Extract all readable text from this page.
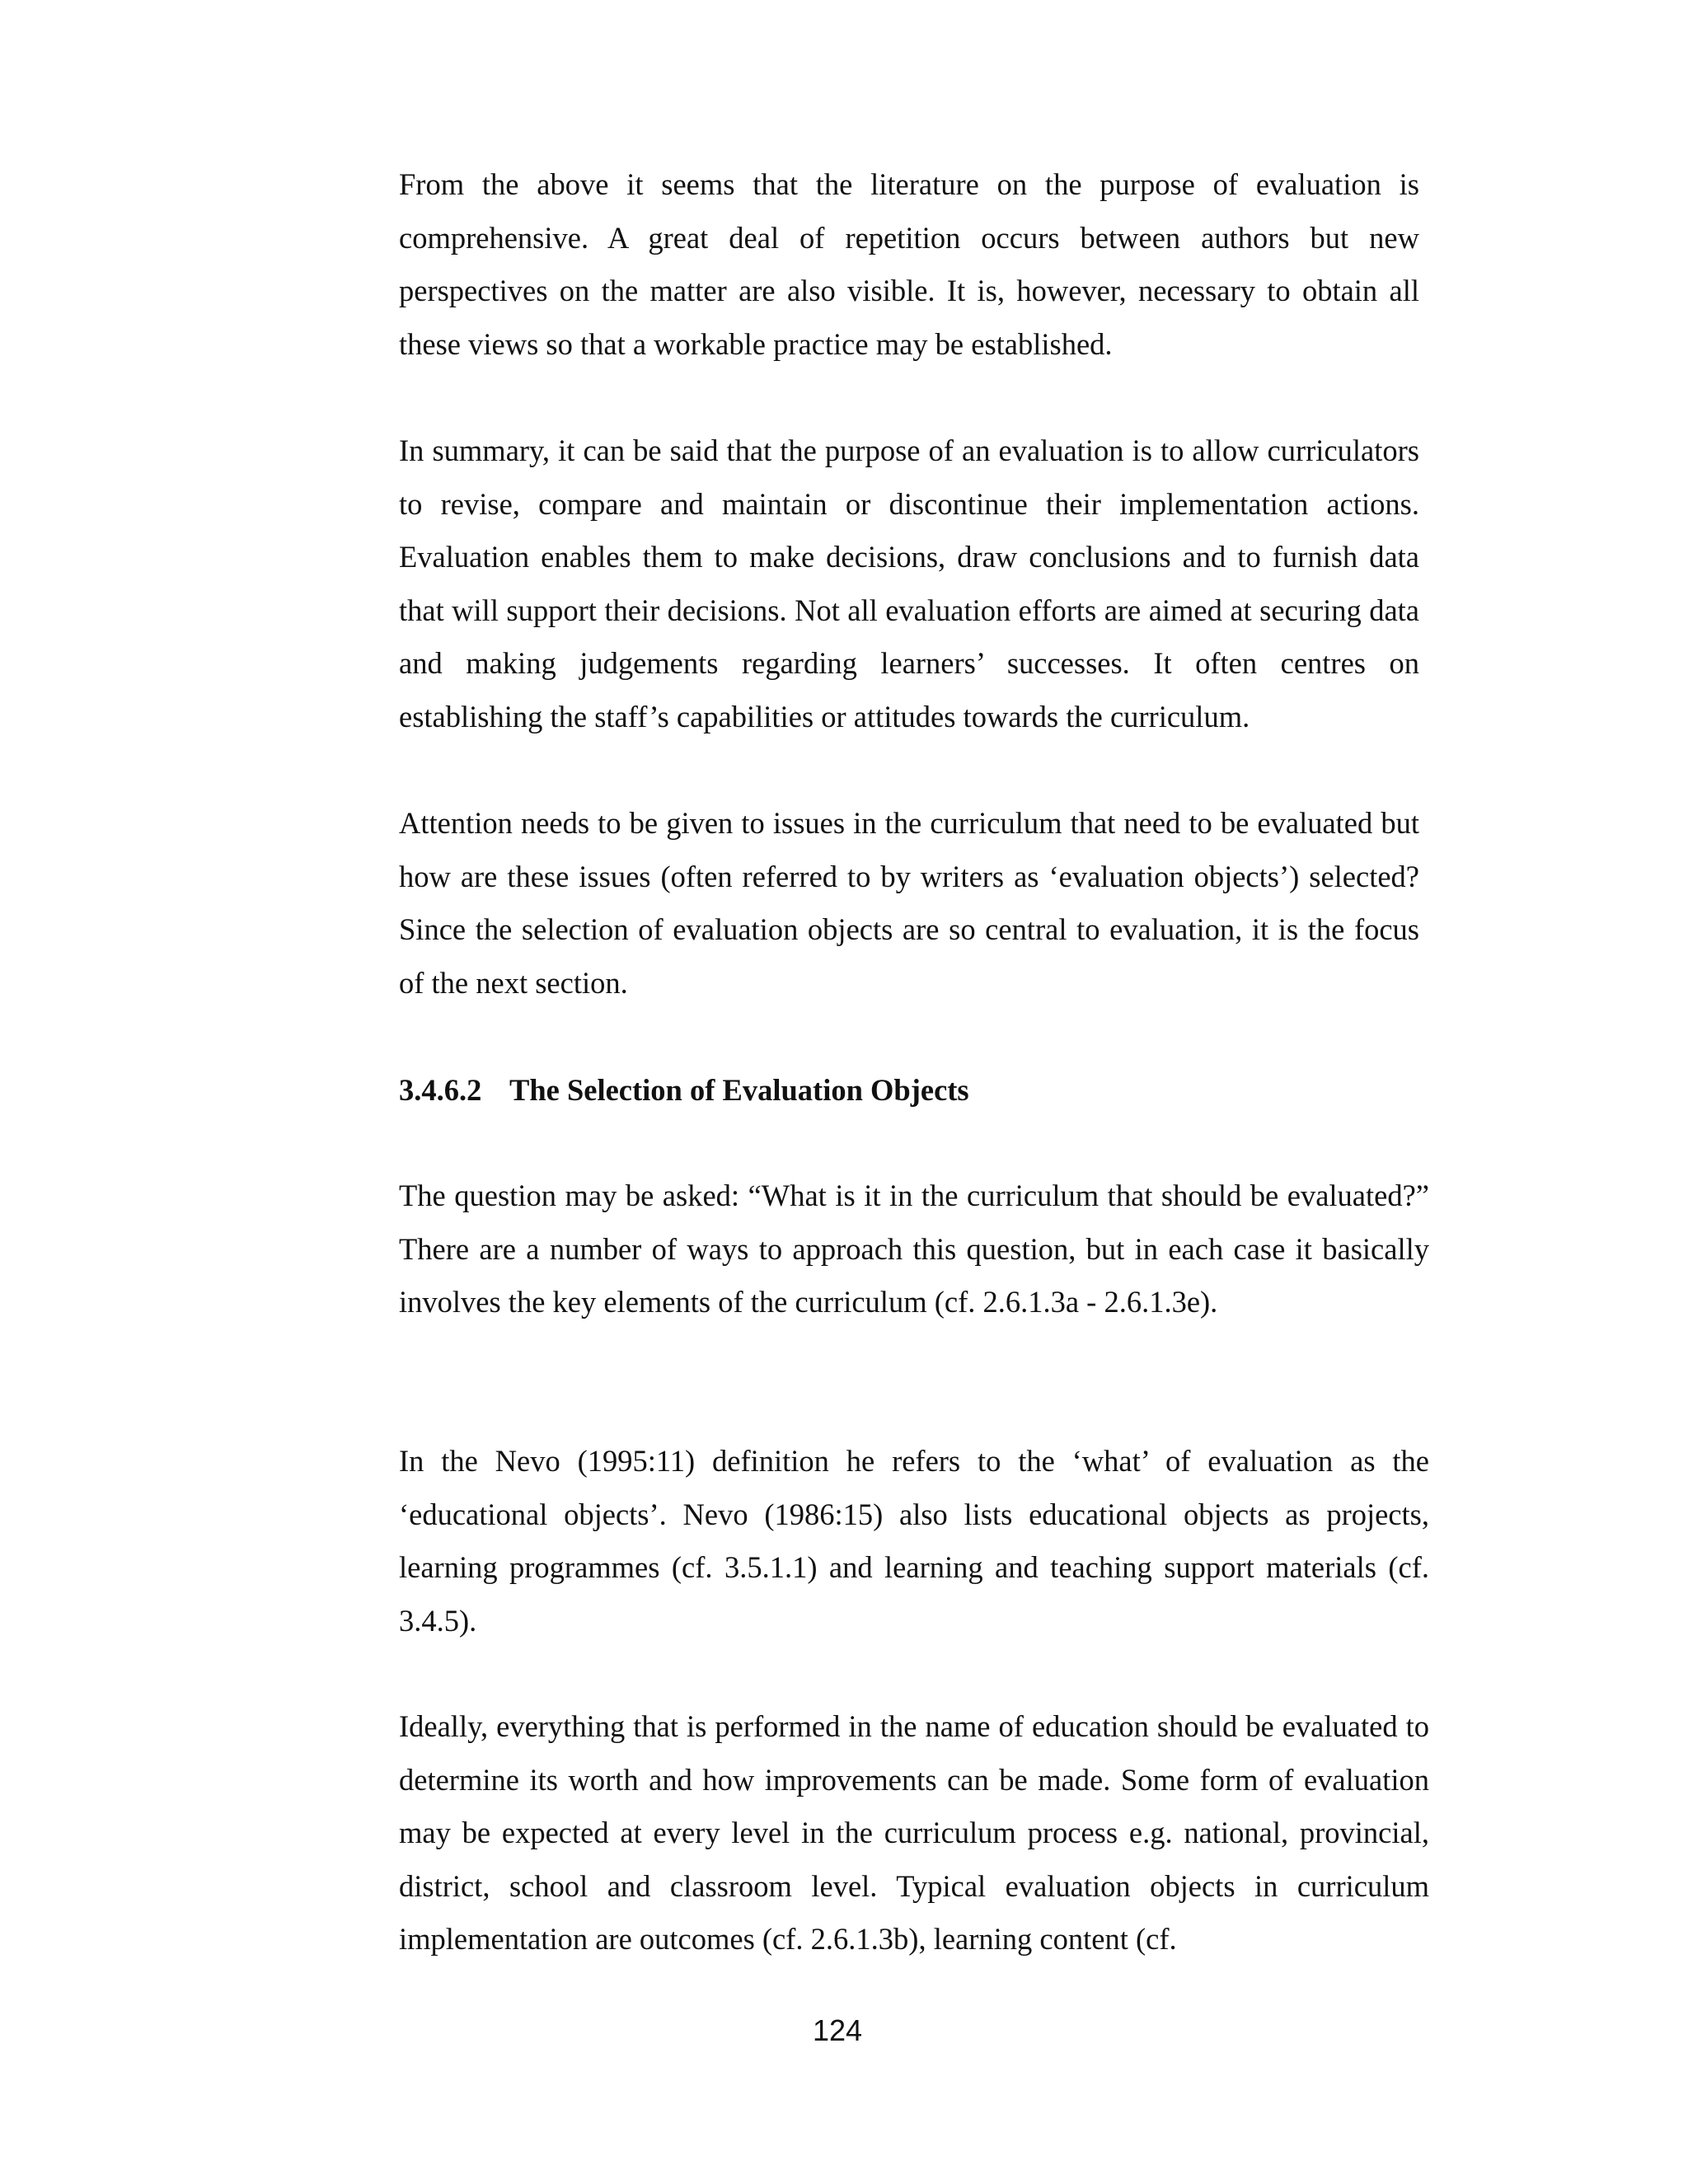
From the above it seems that the literature on the purpose of evaluation is comprehensive. A great deal of repetition occurs between authors but new perspectives on the matter are also visible. It is, however, necessary to obtain all these views so that a workable practice may be established.

In summary, it can be said that the purpose of an evaluation is to allow curriculators to revise, compare and maintain or discontinue their implementation actions. Evaluation enables them to make decisions, draw conclusions and to furnish data that will support their decisions. Not all evaluation efforts are aimed at securing data and making judgements regarding learners’ successes. It often centres on establishing the staff’s capabilities or attitudes towards the curriculum.

Attention needs to be given to issues in the curriculum that need to be evaluated but how are these issues (often referred to by writers as ‘evaluation objects’) selected? Since the selection of evaluation objects are so central to evaluation, it is the focus of the next section.

3.4.6.2 The Selection of Evaluation Objects

The question may be asked: “What is it in the curriculum that should be evaluated?” There are a number of ways to approach this question, but in each case it basically involves the key elements of the curriculum (cf. 2.6.1.3a - 2.6.1.3e).

In the Nevo (1995:11) definition he refers to the ‘what’ of evaluation as the ‘educational objects’. Nevo (1986:15) also lists educational objects as projects, learning programmes (cf. 3.5.1.1) and learning and teaching support materials (cf. 3.4.5).

Ideally, everything that is performed in the name of education should be evaluated to determine its worth and how improvements can be made. Some form of evaluation may be expected at every level in the curriculum process e.g. national, provincial, district, school and classroom level. Typical evaluation objects in curriculum implementation are outcomes (cf. 2.6.1.3b), learning content (cf.

124
